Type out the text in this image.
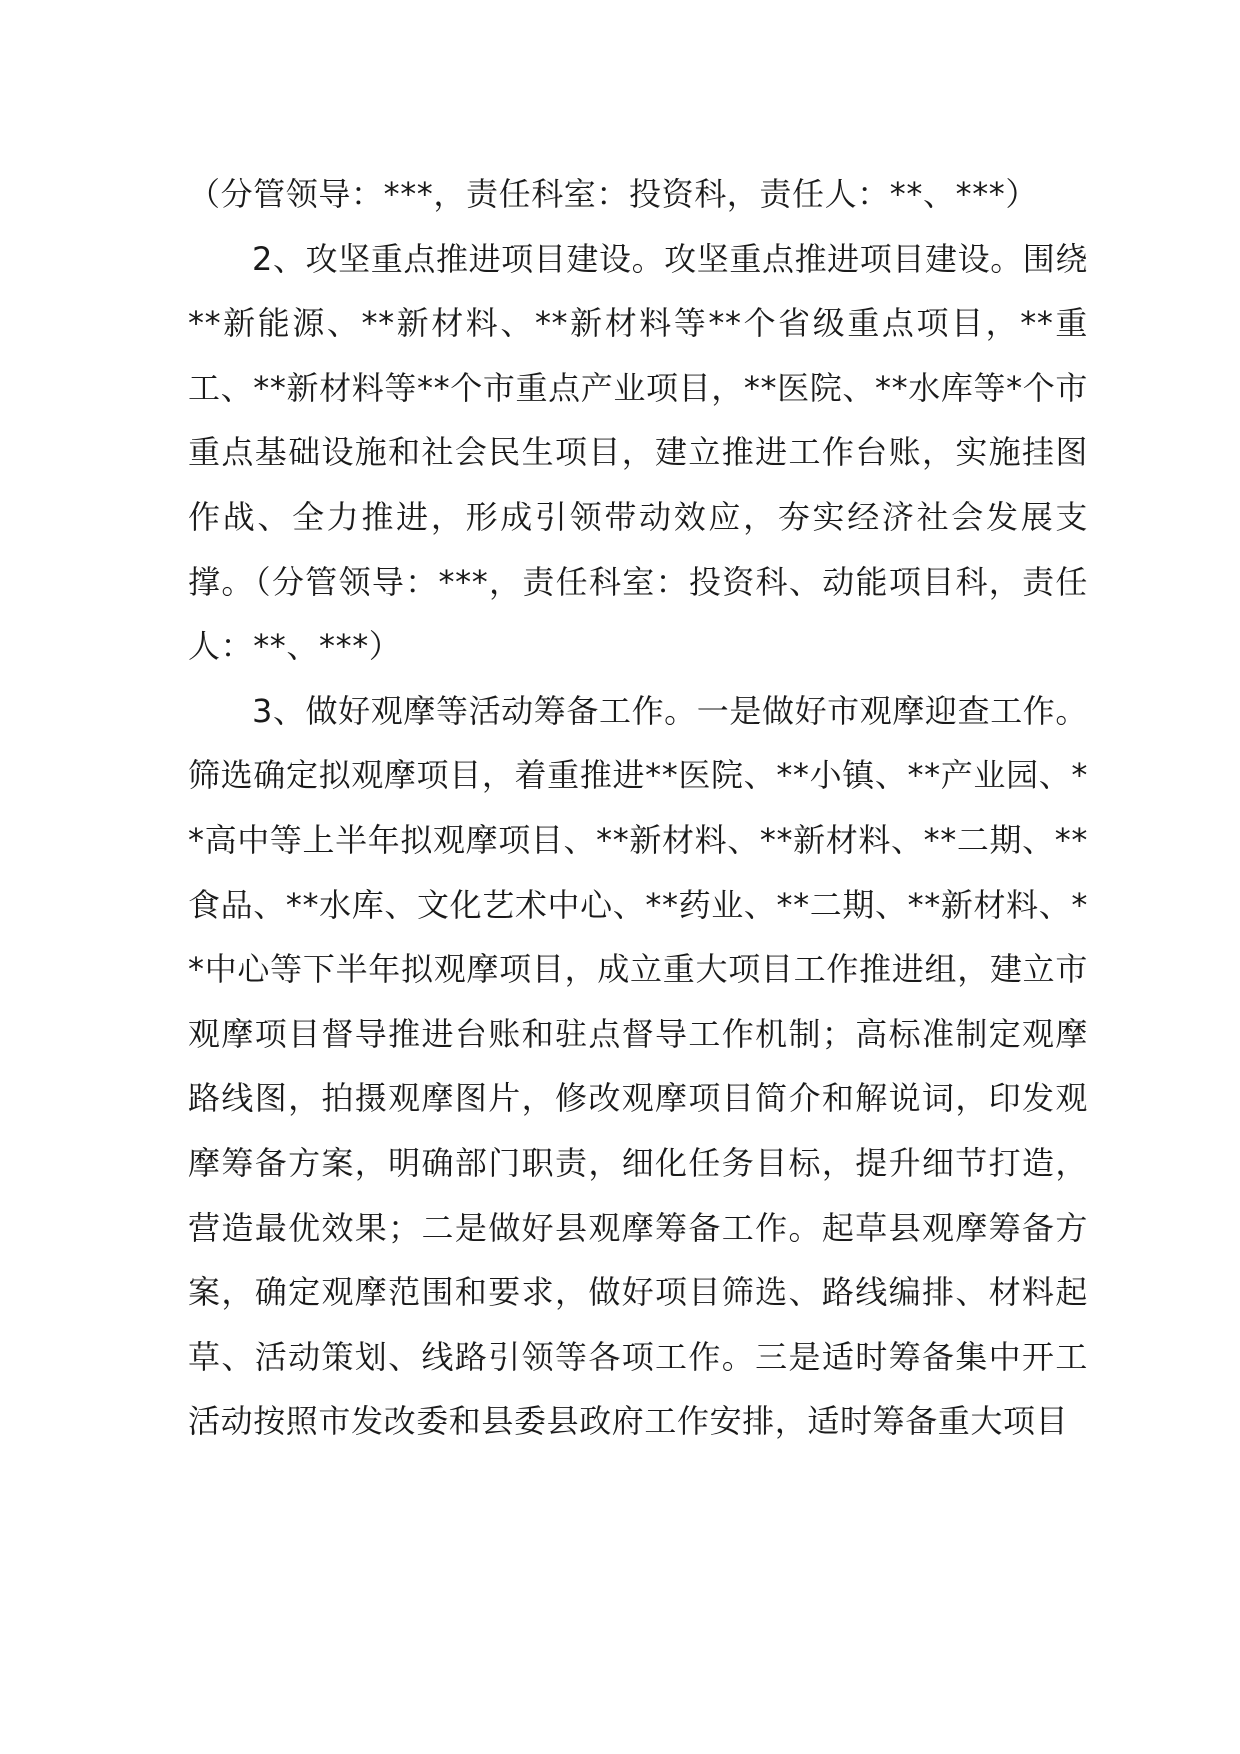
（分管领导：***，责任科室：投资科，责任人：**、***）

2、攻坚重点推进项目建设。攻坚重点推进项目建设。围绕**新能源、**新材料、**新材料等**个省级重点项目，**重工、**新材料等**个市重点产业项目，**医院、**水库等*个市重点基础设施和社会民生项目，建立推进工作台账，实施挂图作战、全力推进，形成引领带动效应，夯实经济社会发展支撑。（分管领导：***，责任科室：投资科、动能项目科，责任人：**、***）

3、做好观摩等活动筹备工作。一是做好市观摩迎查工作。筛选确定拟观摩项目，着重推进**医院、**小镇、**产业园、**高中等上半年拟观摩项目、**新材料、**新材料、**二期、**食品、**水库、文化艺术中心、**药业、**二期、**新材料、**中心等下半年拟观摩项目，成立重大项目工作推进组，建立市观摩项目督导推进台账和驻点督导工作机制；高标准制定观摩路线图，拍摄观摩图片，修改观摩项目简介和解说词，印发观摩筹备方案，明确部门职责，细化任务目标，提升细节打造，营造最优效果；二是做好县观摩筹备工作。起草县观摩筹备方案，确定观摩范围和要求，做好项目筛选、路线编排、材料起草、活动策划、线路引领等各项工作。三是适时筹备集中开工活动按照市发改委和县委县政府工作安排，适时筹备重大项目
